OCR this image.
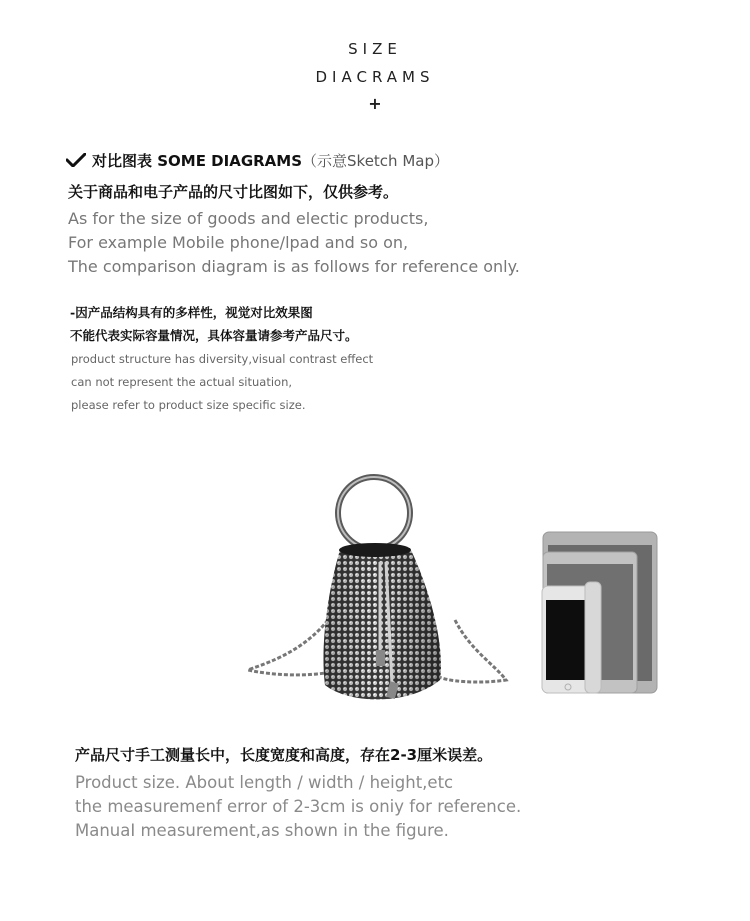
SIZE
DIACRAMS
+
对比图表 SOME DIAGRAMS（示意Sketch Map）
关于商品和电子产品的尺寸比图如下，仅供参考。
As for the size of goods and electic products,
For example Mobile phone/lpad and so on,
The comparison diagram is as follows for reference only.
-因产品结构具有的多样性，视觉对比效果图
不能代表实际容量情况，具体容量请参考产品尺寸。
product structure has diversity,visual contrast effect
can not represent the actual situation,
please refer to product size specific size.
产品尺寸手工测量长中，长度宽度和高度，存在2-3厘米误差。
Product size. About length / width / height,etc
the measuremenf error of 2-3cm is oniy for reference.
ManuaI measurement,as shown in the figure.
